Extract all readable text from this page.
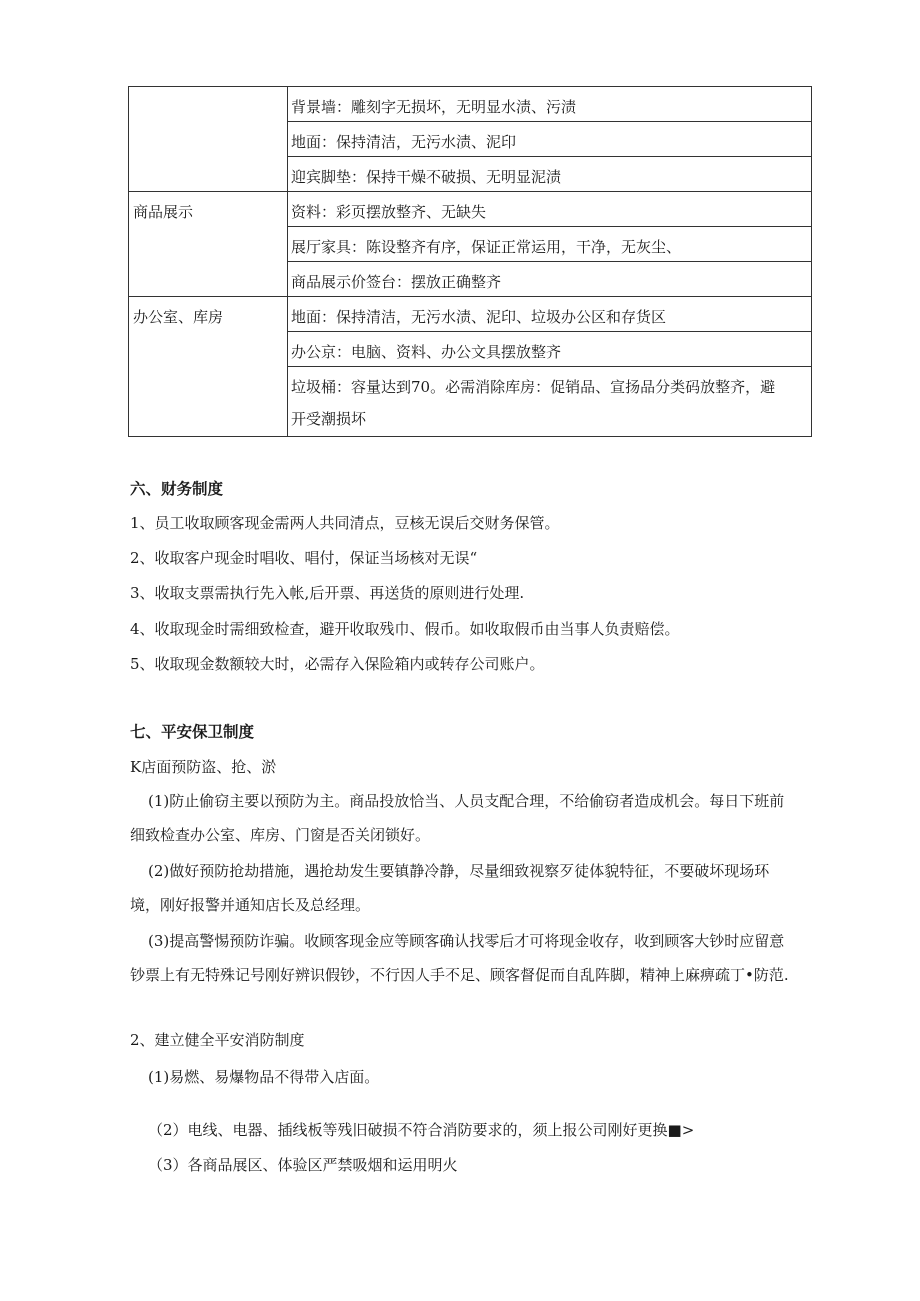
背景墙：雕刻字无损坏，无明显水渍、污渍
地面：保持清洁，无污水渍、泥印
迎宾脚垫：保持干燥不破损、无明显泥渍
商品展示	资料：彩页摆放整齐、无缺失
展厅家具：陈设整齐有序，保证正常运用，干净，无灰尘、
商品展示价签台：摆放正确整齐
办公室、库房	地面：保持清洁，无污水渍、泥印、垃圾办公区和存货区
办公京：电脑、资料、办公文具摆放整齐
垃圾桶：容量达到70。必需消除库房：促销品、宣扬品分类码放整齐，避开受潮损坏
六、财务制度
1、员工收取顾客现金需两人共同清点，豆核无误后交财务保管。
2、收取客户现金时唱收、唱付，保证当场核对无误“
3、收取支票需执行先入帐,后开票、再送货的原则进行处理.
4、收取现金时需细致检查，避开收取残巾、假币。如收取假币由当事人负责赔偿。
5、收取现金数额较大时，必需存入保险箱内或转存公司账户。
七、平安保卫制度
K店面预防盗、抢、淤
(1)防止偷窃主要以预防为主。商品投放恰当、人员支配合理，不给偷窃者造成机会。每日下班前细致检查办公室、库房、门窗是否关闭锁好。
(2)做好预防抢劫措施，遇抢劫发生要镇静冷静，尽量细致视察歹徒体貌特征，不要破坏现场环境，刚好报警并通知店长及总经理。
(3)提高警惕预防诈骗。收顾客现金应等顾客确认找零后才可将现金收存，收到顾客大钞时应留意钞票上有无特殊记号刚好辨识假钞，不行因人手不足、顾客督促而自乱阵脚，精神上麻痹疏丁•防范.
2、建立健全平安消防制度
(1)易燃、易爆物品不得带入店面。
（2）电线、电器、插线板等残旧破损不符合消防要求的，须上报公司刚好更换■>
（3）各商品展区、体验区严禁吸烟和运用明火
